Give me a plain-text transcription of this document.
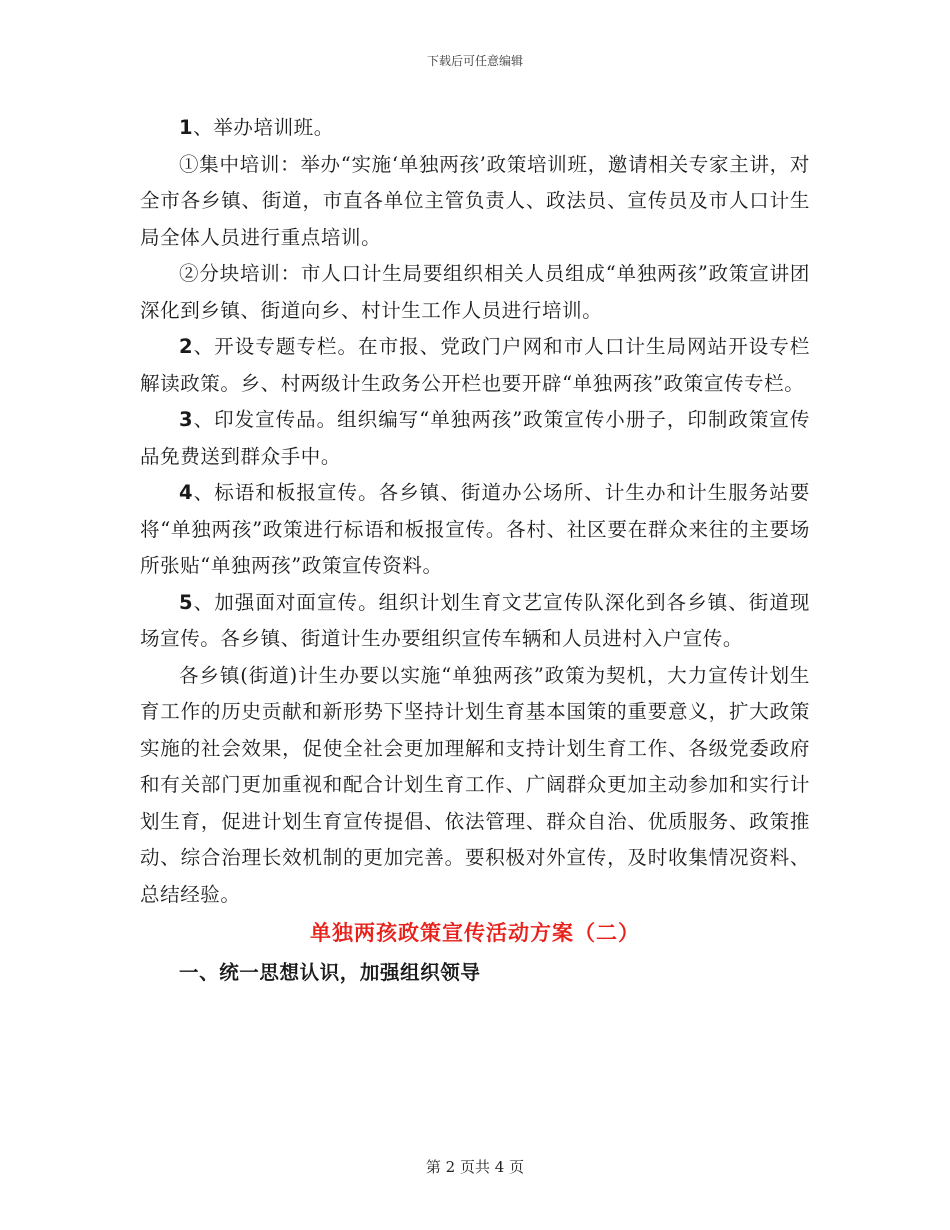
下载后可任意编辑

1、举办培训班。

①集中培训：举办“实施‘单独两孩’政策培训班，邀请相关专家主讲，对全市各乡镇、街道，市直各单位主管负责人、政法员、宣传员及市人口计生局全体人员进行重点培训。

②分块培训：市人口计生局要组织相关人员组成“单独两孩”政策宣讲团深化到乡镇、街道向乡、村计生工作人员进行培训。

2、开设专题专栏。在市报、党政门户网和市人口计生局网站开设专栏解读政策。乡、村两级计生政务公开栏也要开辟“单独两孩”政策宣传专栏。

3、印发宣传品。组织编写“单独两孩”政策宣传小册子，印制政策宣传品免费送到群众手中。

4、标语和板报宣传。各乡镇、街道办公场所、计生办和计生服务站要将“单独两孩”政策进行标语和板报宣传。各村、社区要在群众来往的主要场所张贴“单独两孩”政策宣传资料。

5、加强面对面宣传。组织计划生育文艺宣传队深化到各乡镇、街道现场宣传。各乡镇、街道计生办要组织宣传车辆和人员进村入户宣传。

各乡镇(街道)计生办要以实施“单独两孩”政策为契机，大力宣传计划生育工作的历史贡献和新形势下坚持计划生育基本国策的重要意义，扩大政策实施的社会效果，促使全社会更加理解和支持计划生育工作、各级党委政府和有关部门更加重视和配合计划生育工作、广阔群众更加主动参加和实行计划生育，促进计划生育宣传提倡、依法管理、群众自治、优质服务、政策推动、综合治理长效机制的更加完善。要积极对外宣传，及时收集情况资料、总结经验。

单独两孩政策宣传活动方案（二）

一、统一思想认识，加强组织领导

第 2 页共 4 页
